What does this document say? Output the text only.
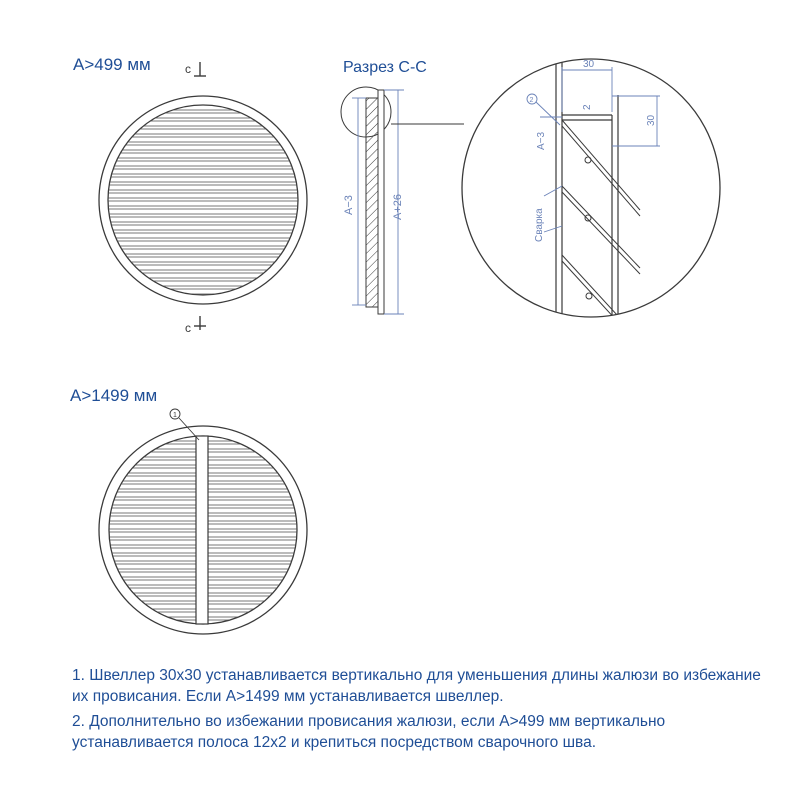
A>499 мм
A>1499 мм
Разрез С-С
c
c
A−3	A+26
30
30
2
A−3
2
Сварка
1

1. Швеллер 30х30 устанавливается вертикально для уменьшения длины жалюзи во избежание их провисания. Если A>1499 мм устанавливается швеллер.

2. Дополнительно во избежании провисания жалюзи, если A>499 мм вертикально устанавливается полоса 12х2 и крепиться посредством сварочного шва.
